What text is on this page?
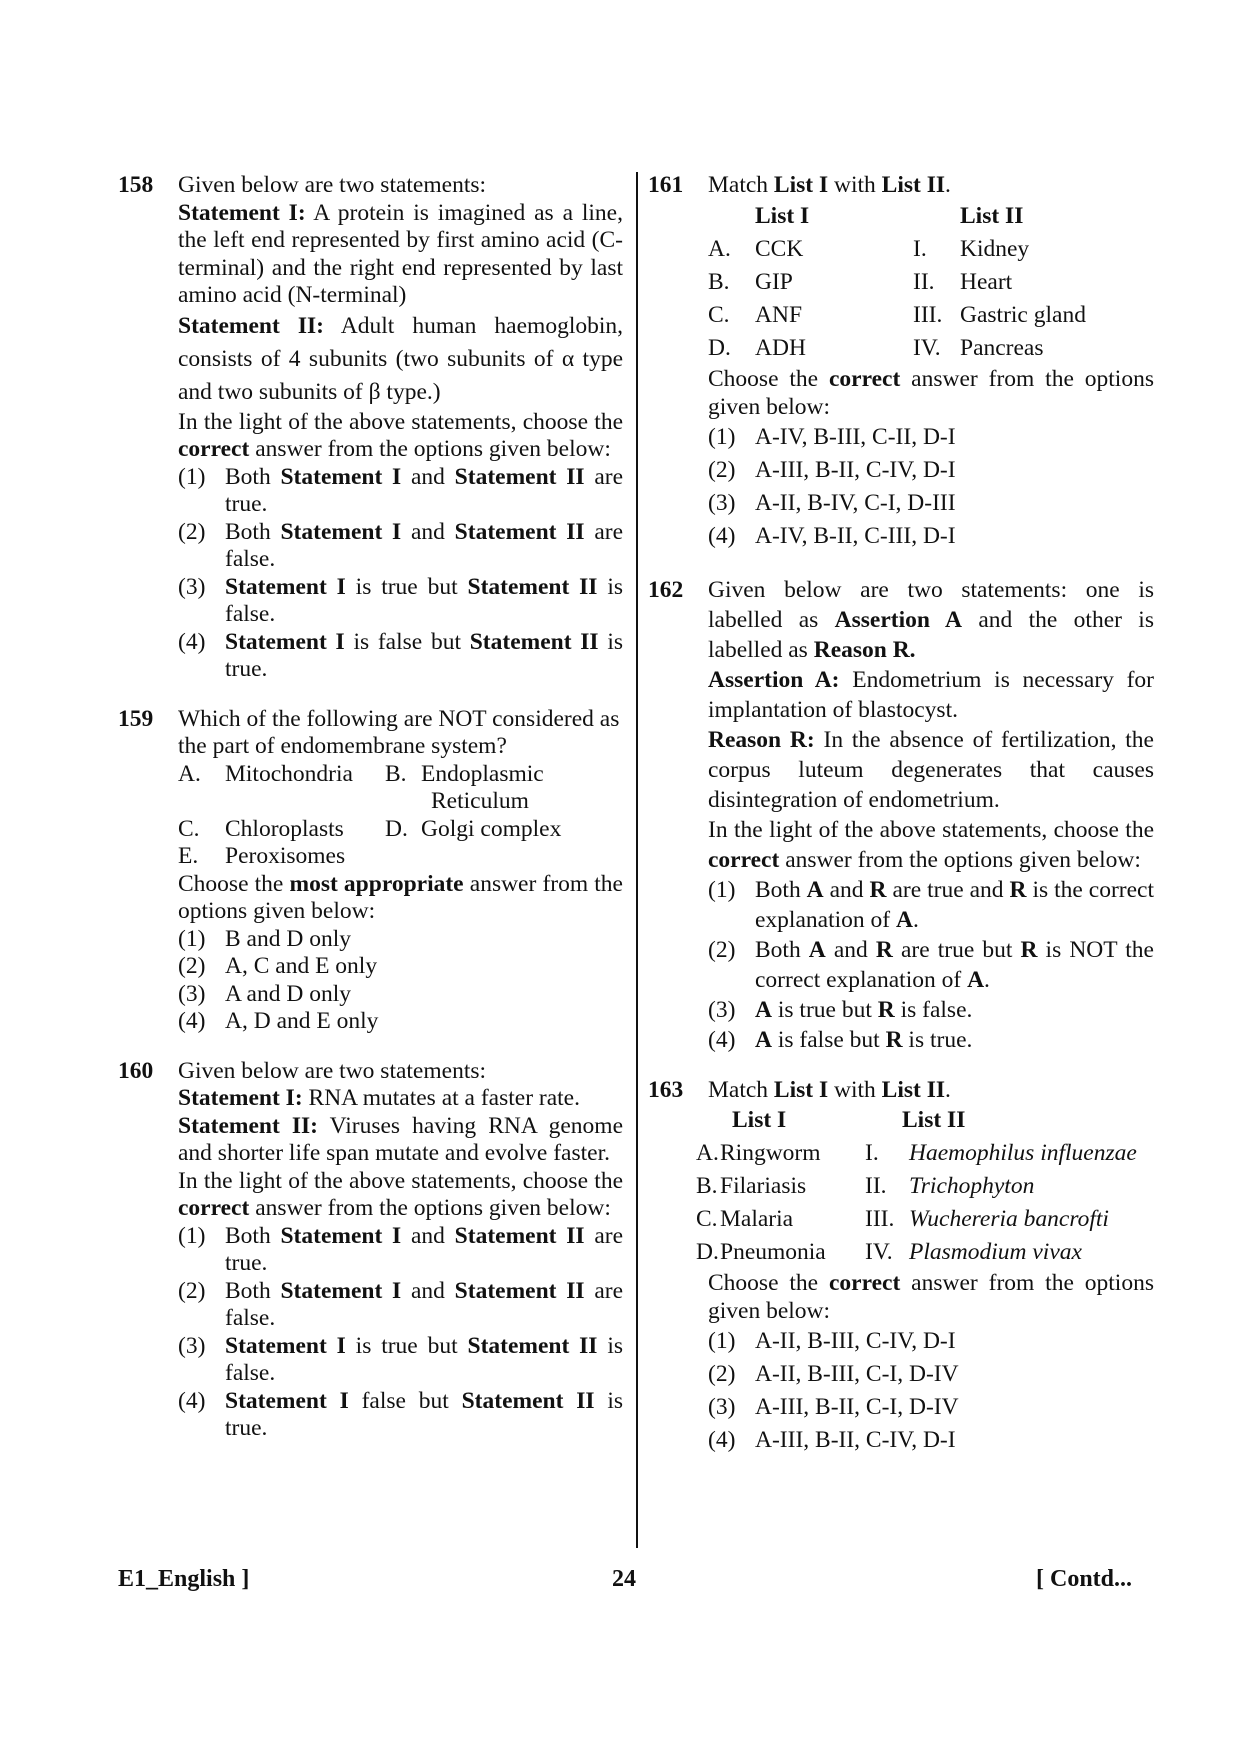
158	Given below are two statements:

Statement I: A protein is imagined as a line, the left end represented by first amino acid (C-terminal) and the right end represented by last amino acid (N-terminal)

Statement II: Adult human haemoglobin, consists of 4 subunits (two subunits of α type and two subunits of β type.)

In the light of the above statements, choose the correct answer from the options given below:

(1) Both Statement I and Statement II are true.
(2) Both Statement I and Statement II are false.
(3) Statement I is true but Statement II is false.
(4) Statement I is false but Statement II is true.
159	Which of the following are NOT considered as the part of endomembrane system?

A.	Mitochondria	B. Endoplasmic
Reticulum
C.	Chloroplasts	D. Golgi complex
E.	Peroxisomes

Choose the most appropriate answer from the options given below:

(1) B and D only
(2) A, C and E only
(3) A and D only
(4) A, D and E only
160	Given below are two statements:

Statement I: RNA mutates at a faster rate.

Statement II: Viruses having RNA genome and shorter life span mutate and evolve faster.

In the light of the above statements, choose the correct answer from the options given below:

(1) Both Statement I and Statement II are true.
(2) Both Statement I and Statement II are false.
(3) Statement I is true but Statement II is false.
(4) Statement I false but Statement II is true.
161	Match List I with List II.

List I	List II
A.	CCK	I.	Kidney
B.	GIP	II.	Heart
C.	ANF	III. Gastric gland
D.	ADH	IV. Pancreas

Choose the correct answer from the options given below:

(1) A-IV, B-III, C-II, D-I
(2) A-III, B-II, C-IV, D-I
(3) A-II, B-IV, C-I, D-III
(4) A-IV, B-II, C-III, D-I
162	Given below are two statements: one is labelled as Assertion A and the other is labelled as Reason R.

Assertion A: Endometrium is necessary for implantation of blastocyst.

Reason R: In the absence of fertilization, the corpus luteum degenerates that causes disintegration of endometrium.

In the light of the above statements, choose the correct answer from the options given below:

(1) Both A and R are true and R is the correct explanation of A.
(2) Both A and R are true but R is NOT the correct explanation of A.
(3) A is true but R is false.
(4) A is false but R is true.
163	Match List I with List II.

List I	List II
A. Ringworm	I.	Haemophilus influenzae
B. Filariasis	II. Trichophyton
C. Malaria	III. Wuchereria bancrofti
D. Pneumonia	IV. Plasmodium vivax

Choose the correct answer from the options given below:

(1) A-II, B-III, C-IV, D-I
(2) A-II, B-III, C-I, D-IV
(3) A-III, B-II, C-I, D-IV
(4) A-III, B-II, C-IV, D-I
E1_English ]	24	[ Contd...
